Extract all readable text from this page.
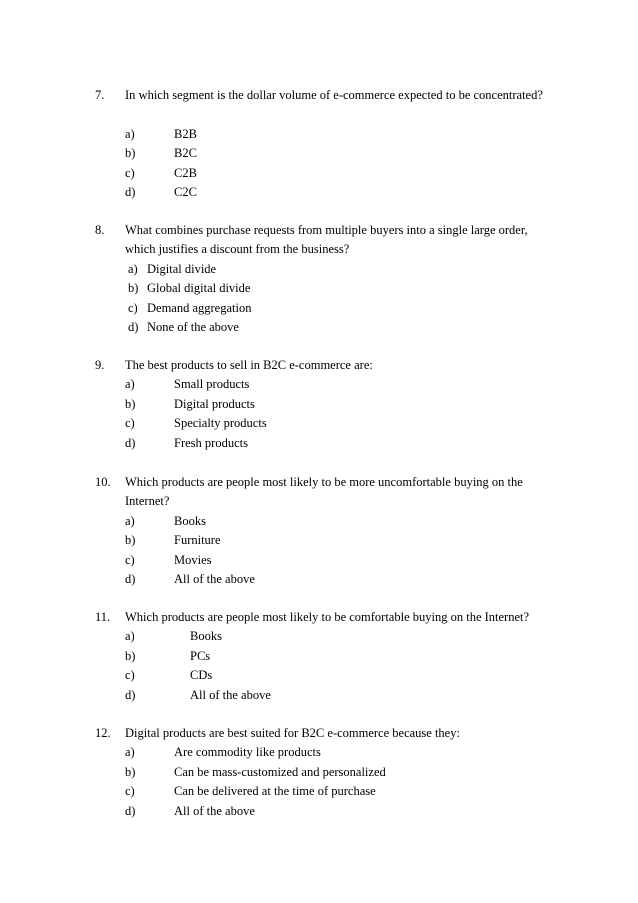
7. In which segment is the dollar volume of e-commerce expected to be concentrated?
a)	B2B
b)	B2C
c)	C2B
d)	C2C
8. What combines purchase requests from multiple buyers into a single large order, which justifies a discount from the business?
a) Digital divide
b) Global digital divide
c) Demand aggregation
d) None of the above
9. The best products to sell in B2C e-commerce are:
a)	Small products
b)	Digital products
c)	Specialty products
d)	Fresh products
10. Which products are people most likely to be more uncomfortable buying on the Internet?
a)	Books
b)	Furniture
c)	Movies
d)	All of the above
11. Which products are people most likely to be comfortable buying on the Internet?
a)	Books
b)	PCs
c)	CDs
d)	All of the above
12. Digital products are best suited for B2C e-commerce because they:
a)	Are commodity like products
b)	Can be mass-customized and personalized
c)	Can be delivered at the time of purchase
d)	All of the above
